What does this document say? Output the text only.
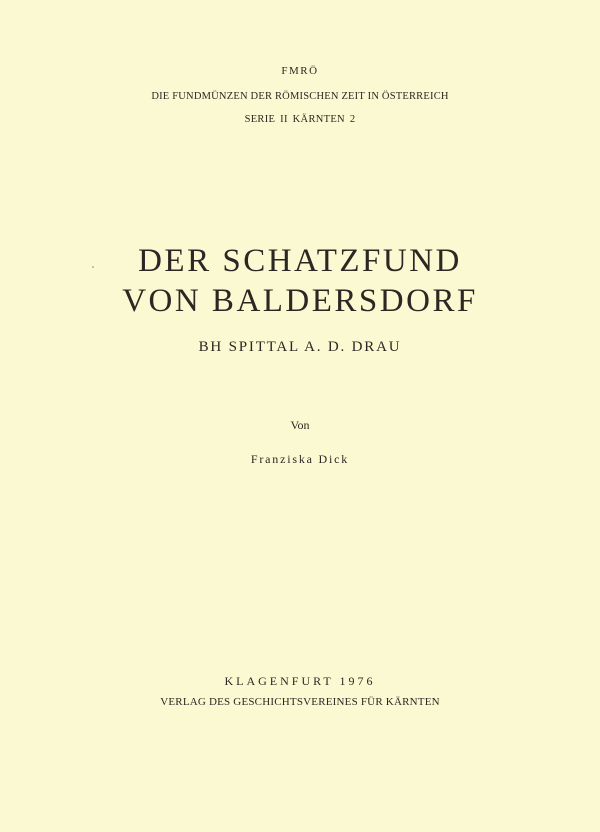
FMRÖ
DIE FUNDMÜNZEN DER RÖMISCHEN ZEIT IN ÖSTERREICH
SERIE II KÄRNTEN 2
DER SCHATZFUND
VON BALDERSDORF
BH SPITTAL A. D. DRAU
Von
Franziska Dick
KLAGENFURT 1976
VERLAG DES GESCHICHTSVEREINES FÜR KÄRNTEN
